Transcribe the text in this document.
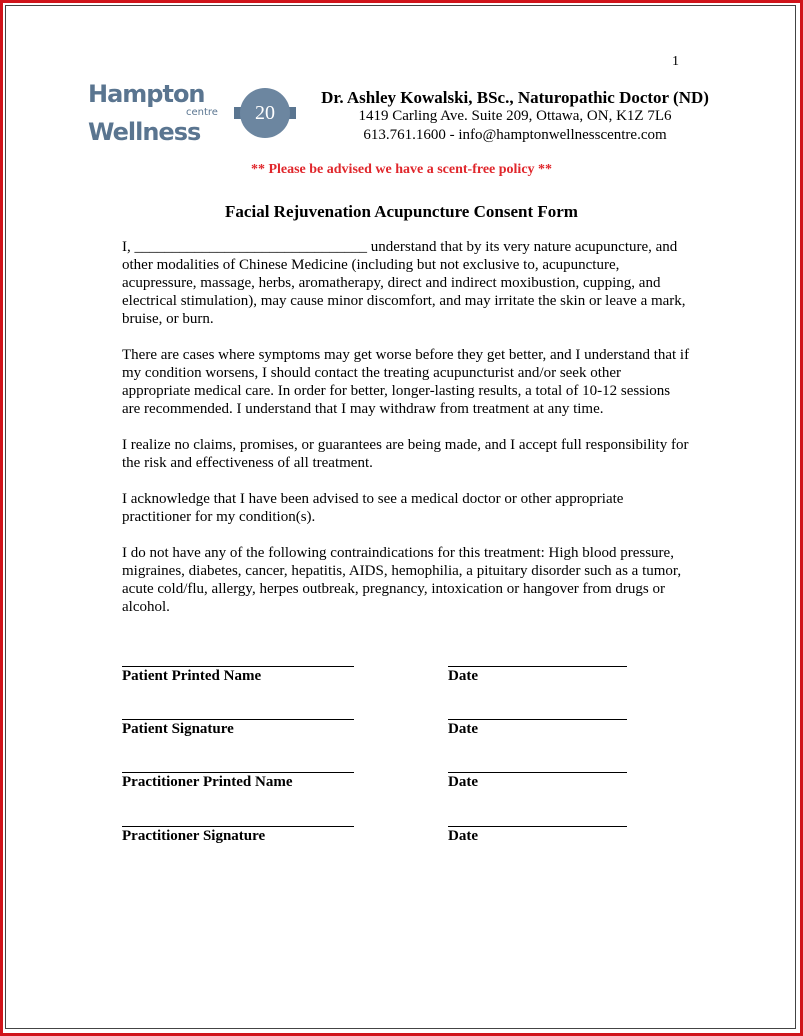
1
Hampton
centre
Wellness
20
Dr. Ashley Kowalski, BSc., Naturopathic Doctor (ND)
1419 Carling Ave. Suite 209, Ottawa, ON, K1Z 7L6
613.761.1600 - info@hamptonwellnesscentre.com
** Please be advised we have a scent-free policy **
Facial Rejuvenation Acupuncture Consent Form

I, _______________________________ understand that by its very nature acupuncture, and other modalities of Chinese Medicine (including but not exclusive to, acupuncture, acupressure, massage, herbs, aromatherapy, direct and indirect moxibustion, cupping, and electrical stimulation), may cause minor discomfort, and may irritate the skin or leave a mark, bruise, or burn.

There are cases where symptoms may get worse before they get better, and I understand that if my condition worsens, I should contact the treating acupuncturist and/or seek other appropriate medical care. In order for better, longer-lasting results, a total of 10-12 sessions are recommended. I understand that I may withdraw from treatment at any time.

I realize no claims, promises, or guarantees are being made, and I accept full responsibility for the risk and effectiveness of all treatment.

I acknowledge that I have been advised to see a medical doctor or other appropriate practitioner for my condition(s).

I do not have any of the following contraindications for this treatment: High blood pressure, migraines, diabetes, cancer, hepatitis, AIDS, hemophilia, a pituitary disorder such as a tumor, acute cold/flu, allergy, herpes outbreak, pregnancy, intoxication or hangover from drugs or alcohol.

Patient Printed Name	Date
Patient Signature	Date
Practitioner Printed Name	Date
Practitioner Signature	Date
